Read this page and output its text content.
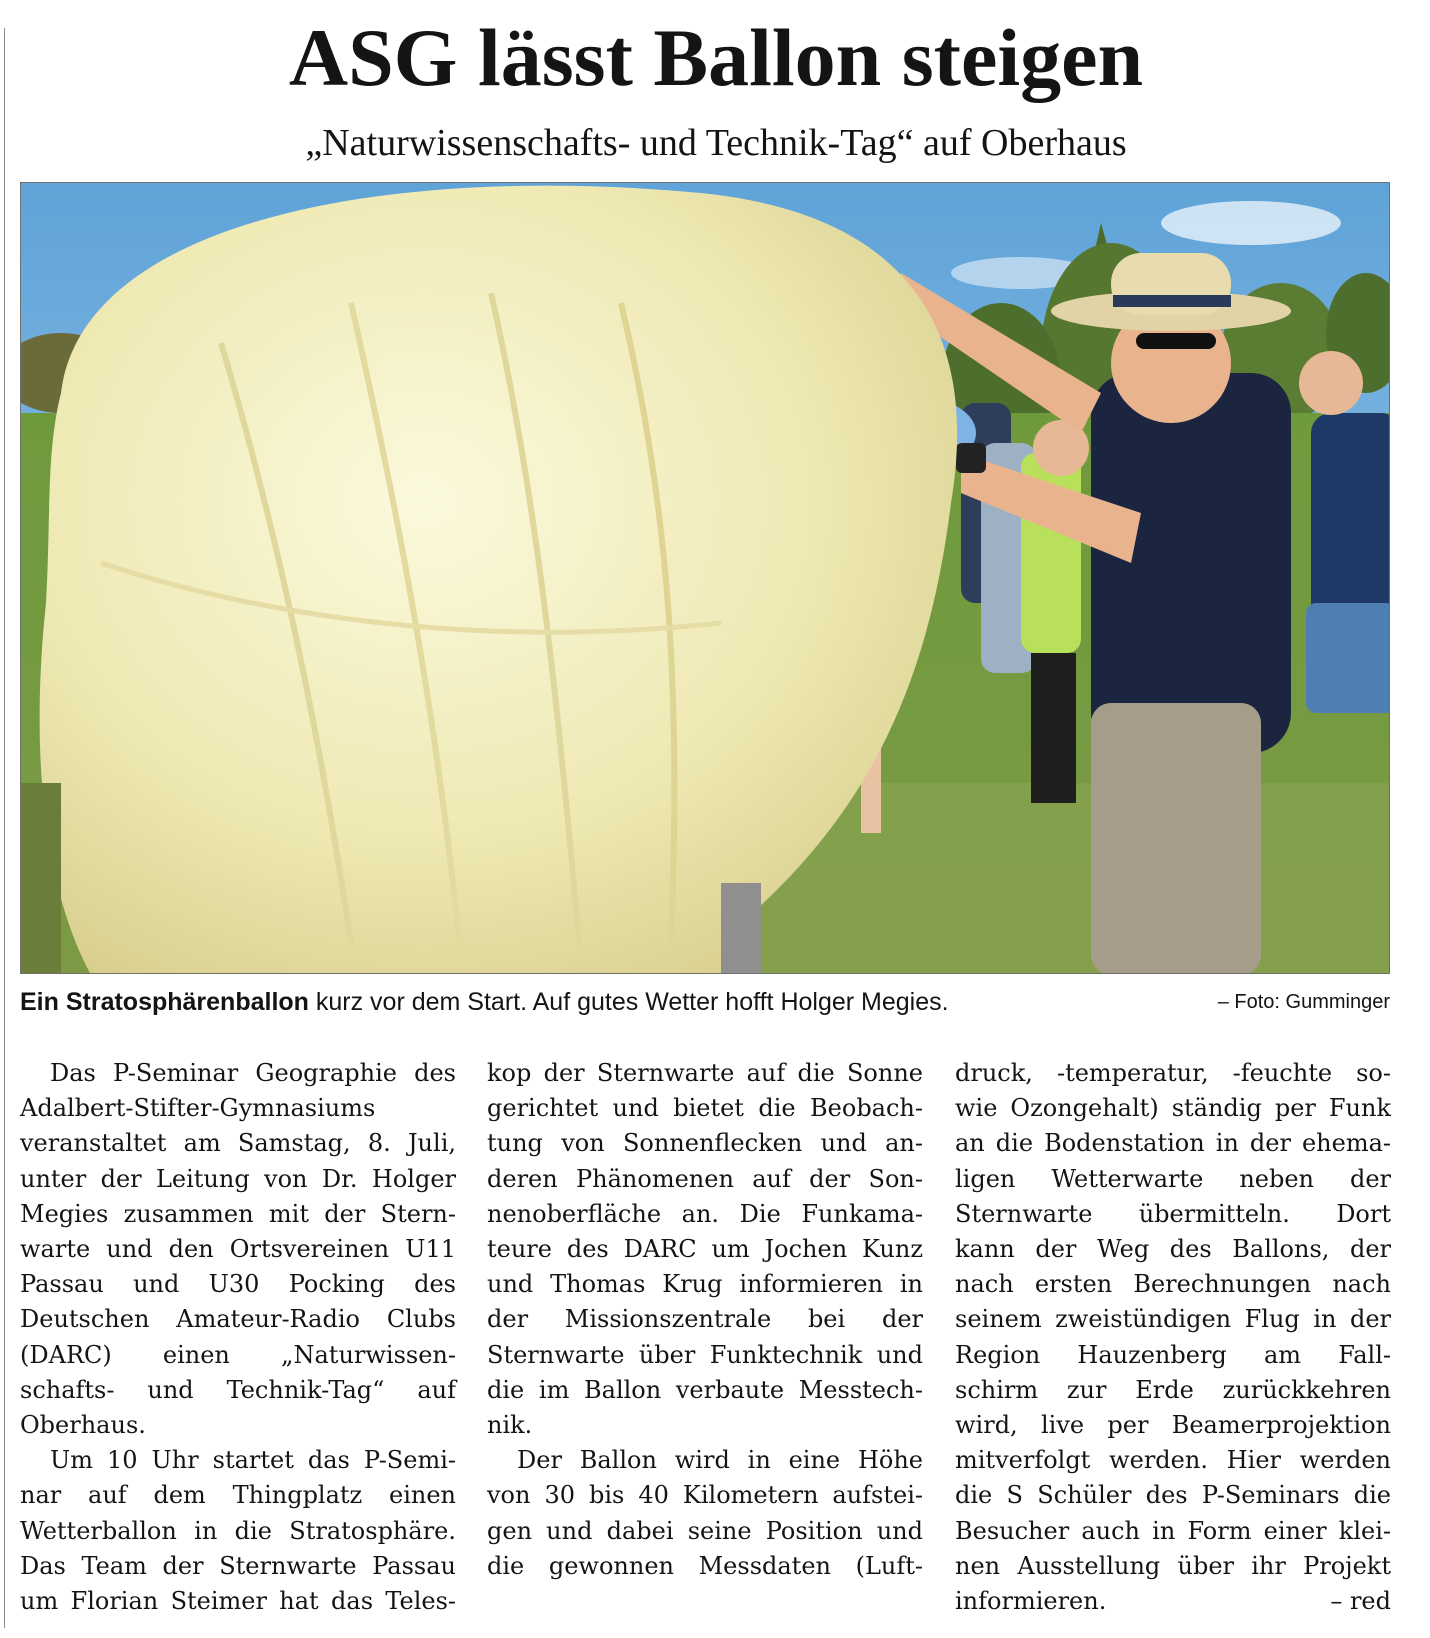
ASG lässt Ballon steigen
„Naturwissenschafts- und Technik-Tag“ auf Oberhaus
Ein Stratosphärenballon kurz vor dem Start. Auf gutes Wetter hofft Holger Megies.	– Foto: Gumminger
Das P-Seminar Geographie des
Adalbert-Stifter-Gymnasiums
veranstaltet am Samstag, 8. Juli,
unter der Leitung von Dr. Holger
Megies zusammen mit der Stern-
warte und den Ortsvereinen U11
Passau und U30 Pocking des
Deutschen Amateur-Radio Clubs
(DARC) einen „Naturwissen-
schafts- und Technik-Tag“ auf
Oberhaus.
Um 10 Uhr startet das P-Semi-
nar auf dem Thingplatz einen
Wetterballon in die Stratosphäre.
Das Team der Sternwarte Passau
um Florian Steimer hat das Teles-
kop der Sternwarte auf die Sonne
gerichtet und bietet die Beobach-
tung von Sonnenflecken und an-
deren Phänomenen auf der Son-
nenoberfläche an. Die Funkama-
teure des DARC um Jochen Kunz
und Thomas Krug informieren in
der Missionszentrale bei der
Sternwarte über Funktechnik und
die im Ballon verbaute Messtech-
nik.
Der Ballon wird in eine Höhe
von 30 bis 40 Kilometern aufstei-
gen und dabei seine Position und
die gewonnen Messdaten (Luft-
druck, -temperatur, -feuchte so-
wie Ozongehalt) ständig per Funk
an die Bodenstation in der ehema-
ligen Wetterwarte neben der
Sternwarte übermitteln. Dort
kann der Weg des Ballons, der
nach ersten Berechnungen nach
seinem zweistündigen Flug in der
Region Hauzenberg am Fall-
schirm zur Erde zurückkehren
wird, live per Beamerprojektion
mitverfolgt werden. Hier werden
die S Schüler des P-Seminars die
Besucher auch in Form einer klei-
nen Ausstellung über ihr Projekt
informieren.	– red
